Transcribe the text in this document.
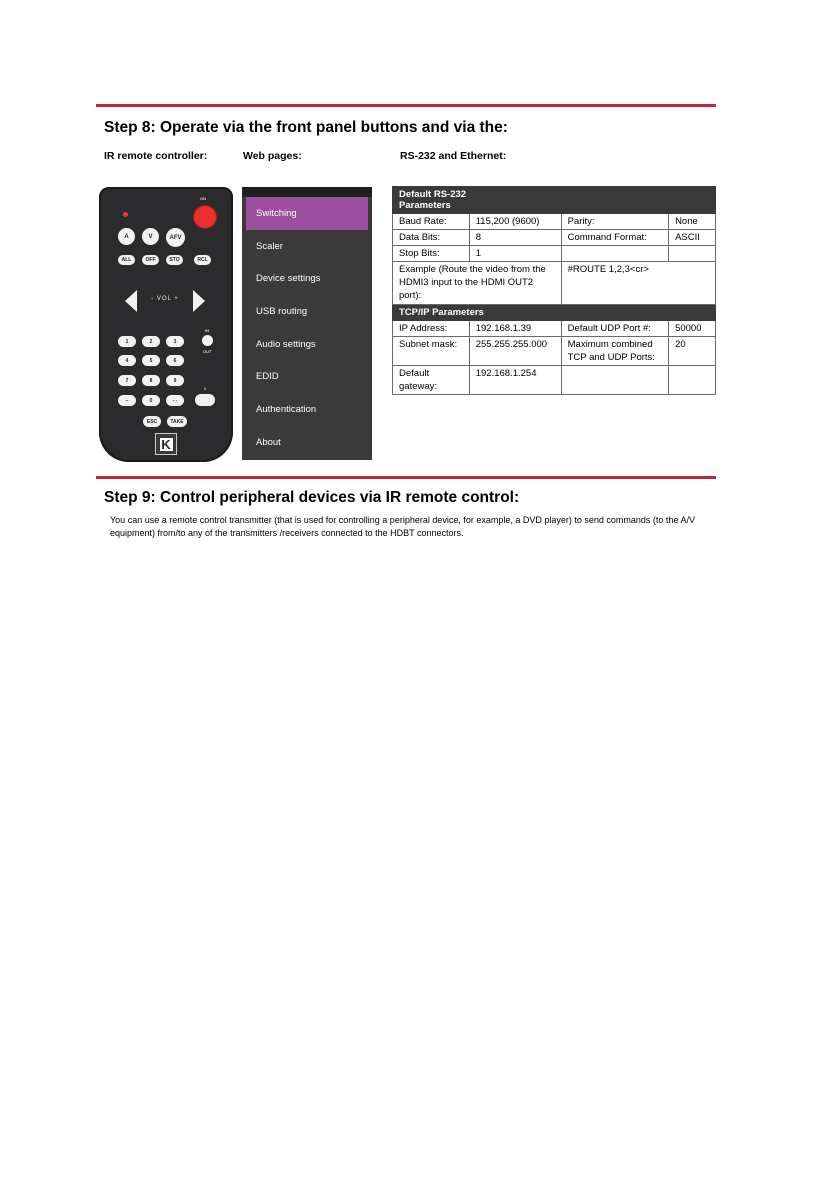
Step 8: Operate via the front panel buttons and via the:
IR remote controller:	Web pages:	RS-232 and Ethernet:
ON
A	V	AFV
ALL	OFF	STO	RCL
- VOL +
IN
OUT
1	2	3
4	5	6
7	8	9
–	0	- -
#
ESC	TAKE
K
Switching
Scaler
Device settings
USB routing
Audio settings
EDID
Authentication
About
Default RS-232 Parameters			

Baud Rate:	115,200 (9600)	Parity:	None
Data Bits:	8	Command Format:	ASCII
Stop Bits:	1		
Example (Route the video from the HDMI3 input to the HDMI OUT2 port):		#ROUTE 1,2,3<cr>	
TCP/IP Parameters			
IP Address:	192.168.1.39	Default UDP Port #:	50000
Subnet mask:	255.255.255.000	Maximum combined TCP and UDP Ports:	20
Default gateway:	192.168.1.254		
Step 9: Control peripheral devices via IR remote control:

You can use a remote control transmitter (that is used for controlling a peripheral device, for example, a DVD player) to send commands (to the A/V equipment) from/to any of the transmitters /receivers connected to the HDBT connectors.
